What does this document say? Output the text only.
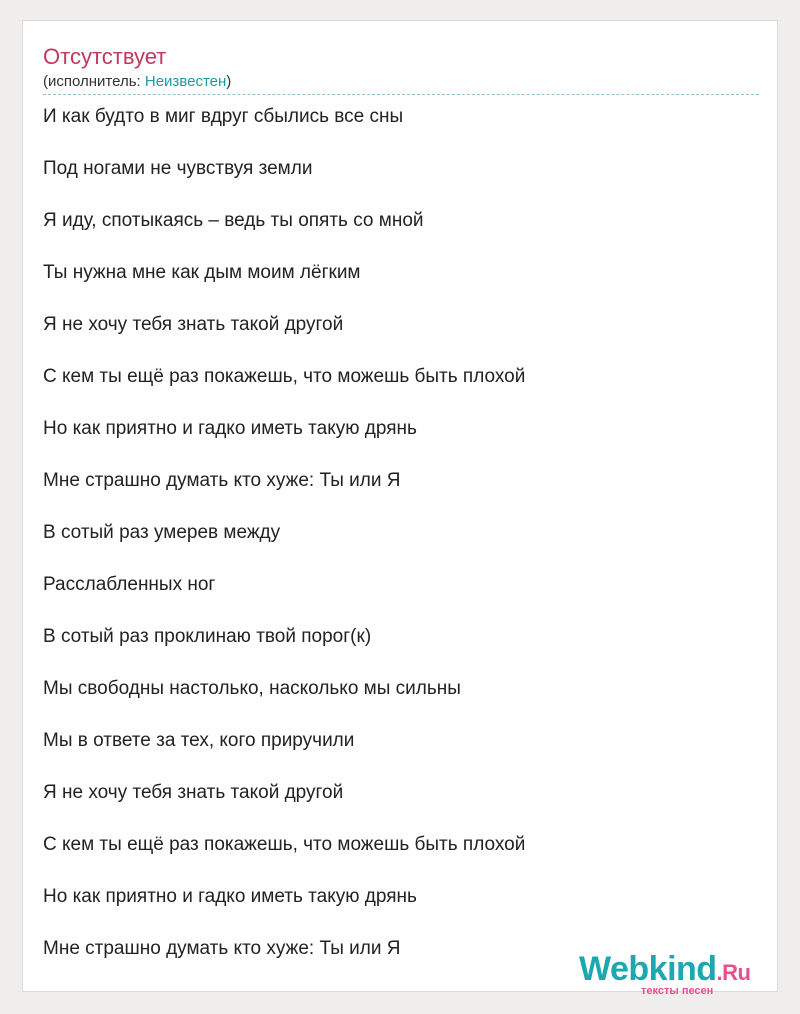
Отсутствует
(исполнитель: Неизвестен)
И как будто в миг вдруг сбылись все сны
Под ногами не чувствуя земли
Я иду, спотыкаясь – ведь ты опять со мной
Ты нужна мне как дым моим лёгким
Я не хочу тебя знать такой другой
С кем ты ещё раз покажешь, что можешь быть плохой
Но как приятно и гадко иметь такую дрянь
Мне страшно думать кто хуже: Ты или Я
В сотый раз умерев между
Расслабленных ног
В сотый раз проклинаю твой порог(к)
Мы свободны настолько, насколько мы сильны
Мы в ответе за тех, кого приручили
Я не хочу тебя знать такой другой
С кем ты ещё раз покажешь, что можешь быть плохой
Но как приятно и гадко иметь такую дрянь
Мне страшно думать кто хуже: Ты или Я
Webkind.Ru
тексты песен
